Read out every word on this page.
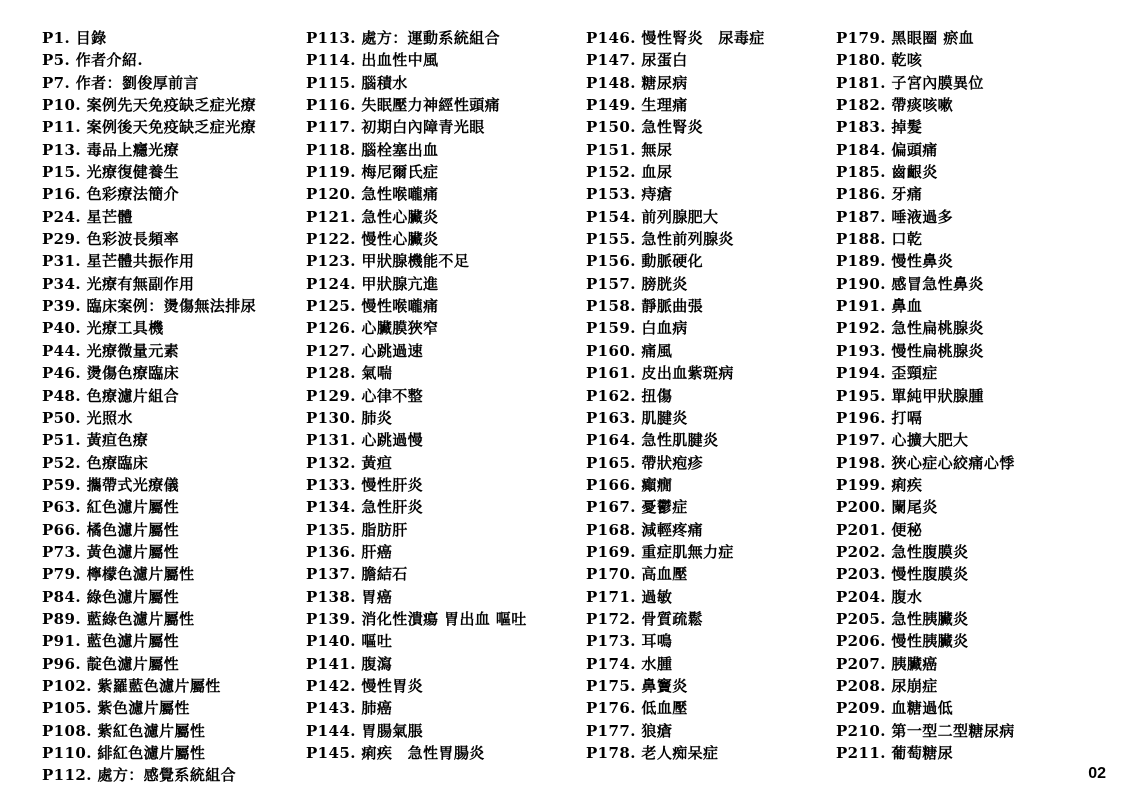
P1. 目錄
P5. 作者介紹.
P7. 作者：劉俊厚前言
P10. 案例先天免疫缺乏症光療
P11. 案例後天免疫缺乏症光療
P13. 毒品上癮光療
P15. 光療復健養生
P16. 色彩療法簡介
P24. 星芒體
P29. 色彩波長頻率
P31. 星芒體共振作用
P34. 光療有無副作用
P39. 臨床案例：燙傷無法排尿
P40. 光療工具機
P44. 光療微量元素
P46. 燙傷色療臨床
P48. 色療濾片組合
P50. 光照水
P51. 黃疸色療
P52. 色療臨床
P59. 攜帶式光療儀
P63. 紅色濾片屬性
P66. 橘色濾片屬性
P73. 黃色濾片屬性
P79. 檸檬色濾片屬性
P84. 綠色濾片屬性
P89. 藍綠色濾片屬性
P91. 藍色濾片屬性
P96. 靛色濾片屬性
P102. 紫羅藍色濾片屬性
P105. 紫色濾片屬性
P108. 紫紅色濾片屬性
P110. 緋紅色濾片屬性
P112. 處方：感覺系統組合
P113. 處方：運動系統組合
P114. 出血性中風
P115. 腦積水
P116. 失眠壓力神經性頭痛
P117. 初期白內障青光眼
P118. 腦栓塞出血
P119. 梅尼爾氏症
P120. 急性喉嚨痛
P121. 急性心臟炎
P122. 慢性心臟炎
P123. 甲狀腺機能不足
P124. 甲狀腺亢進
P125. 慢性喉嚨痛
P126. 心臟膜狹窄
P127. 心跳過速
P128. 氣喘
P129. 心律不整
P130. 肺炎
P131. 心跳過慢
P132. 黃疸
P133. 慢性肝炎
P134. 急性肝炎
P135. 脂肪肝
P136. 肝癌
P137. 膽結石
P138. 胃癌
P139. 消化性潰瘍 胃出血 嘔吐
P140. 嘔吐
P141. 腹瀉
P142. 慢性胃炎
P143. 肺癌
P144. 胃腸氣脹
P145. 痢疾　急性胃腸炎
P146. 慢性腎炎　尿毒症
P147. 尿蛋白
P148. 糖尿病
P149. 生理痛
P150. 急性腎炎
P151. 無尿
P152. 血尿
P153. 痔瘡
P154. 前列腺肥大
P155. 急性前列腺炎
P156. 動脈硬化
P157. 膀胱炎
P158. 靜脈曲張
P159. 白血病
P160. 痛風
P161. 皮出血紫斑病
P162. 扭傷
P163. 肌腱炎
P164. 急性肌腱炎
P165. 帶狀疱疹
P166. 癲癇
P167. 憂鬱症
P168. 減輕疼痛
P169. 重症肌無力症
P170. 高血壓
P171. 過敏
P172. 骨質疏鬆
P173. 耳鳴
P174. 水腫
P175. 鼻竇炎
P176. 低血壓
P177. 狼瘡
P178. 老人痴呆症
P179. 黑眼圈 瘀血
P180. 乾咳
P181. 子宮內膜異位
P182. 帶痰咳嗽
P183. 掉髮
P184. 偏頭痛
P185. 齒齦炎
P186. 牙痛
P187. 唾液過多
P188. 口乾
P189. 慢性鼻炎
P190. 感冒急性鼻炎
P191. 鼻血
P192. 急性扁桃腺炎
P193. 慢性扁桃腺炎
P194. 歪頸症
P195. 單純甲狀腺腫
P196. 打嗝
P197. 心擴大肥大
P198. 狹心症心絞痛心悸
P199. 痢疾
P200. 闌尾炎
P201. 便秘
P202. 急性腹膜炎
P203. 慢性腹膜炎
P204. 腹水
P205. 急性胰臟炎
P206. 慢性胰臟炎
P207. 胰臟癌
P208. 尿崩症
P209. 血糖過低
P210. 第一型二型糖尿病
P211. 葡萄糖尿
02
